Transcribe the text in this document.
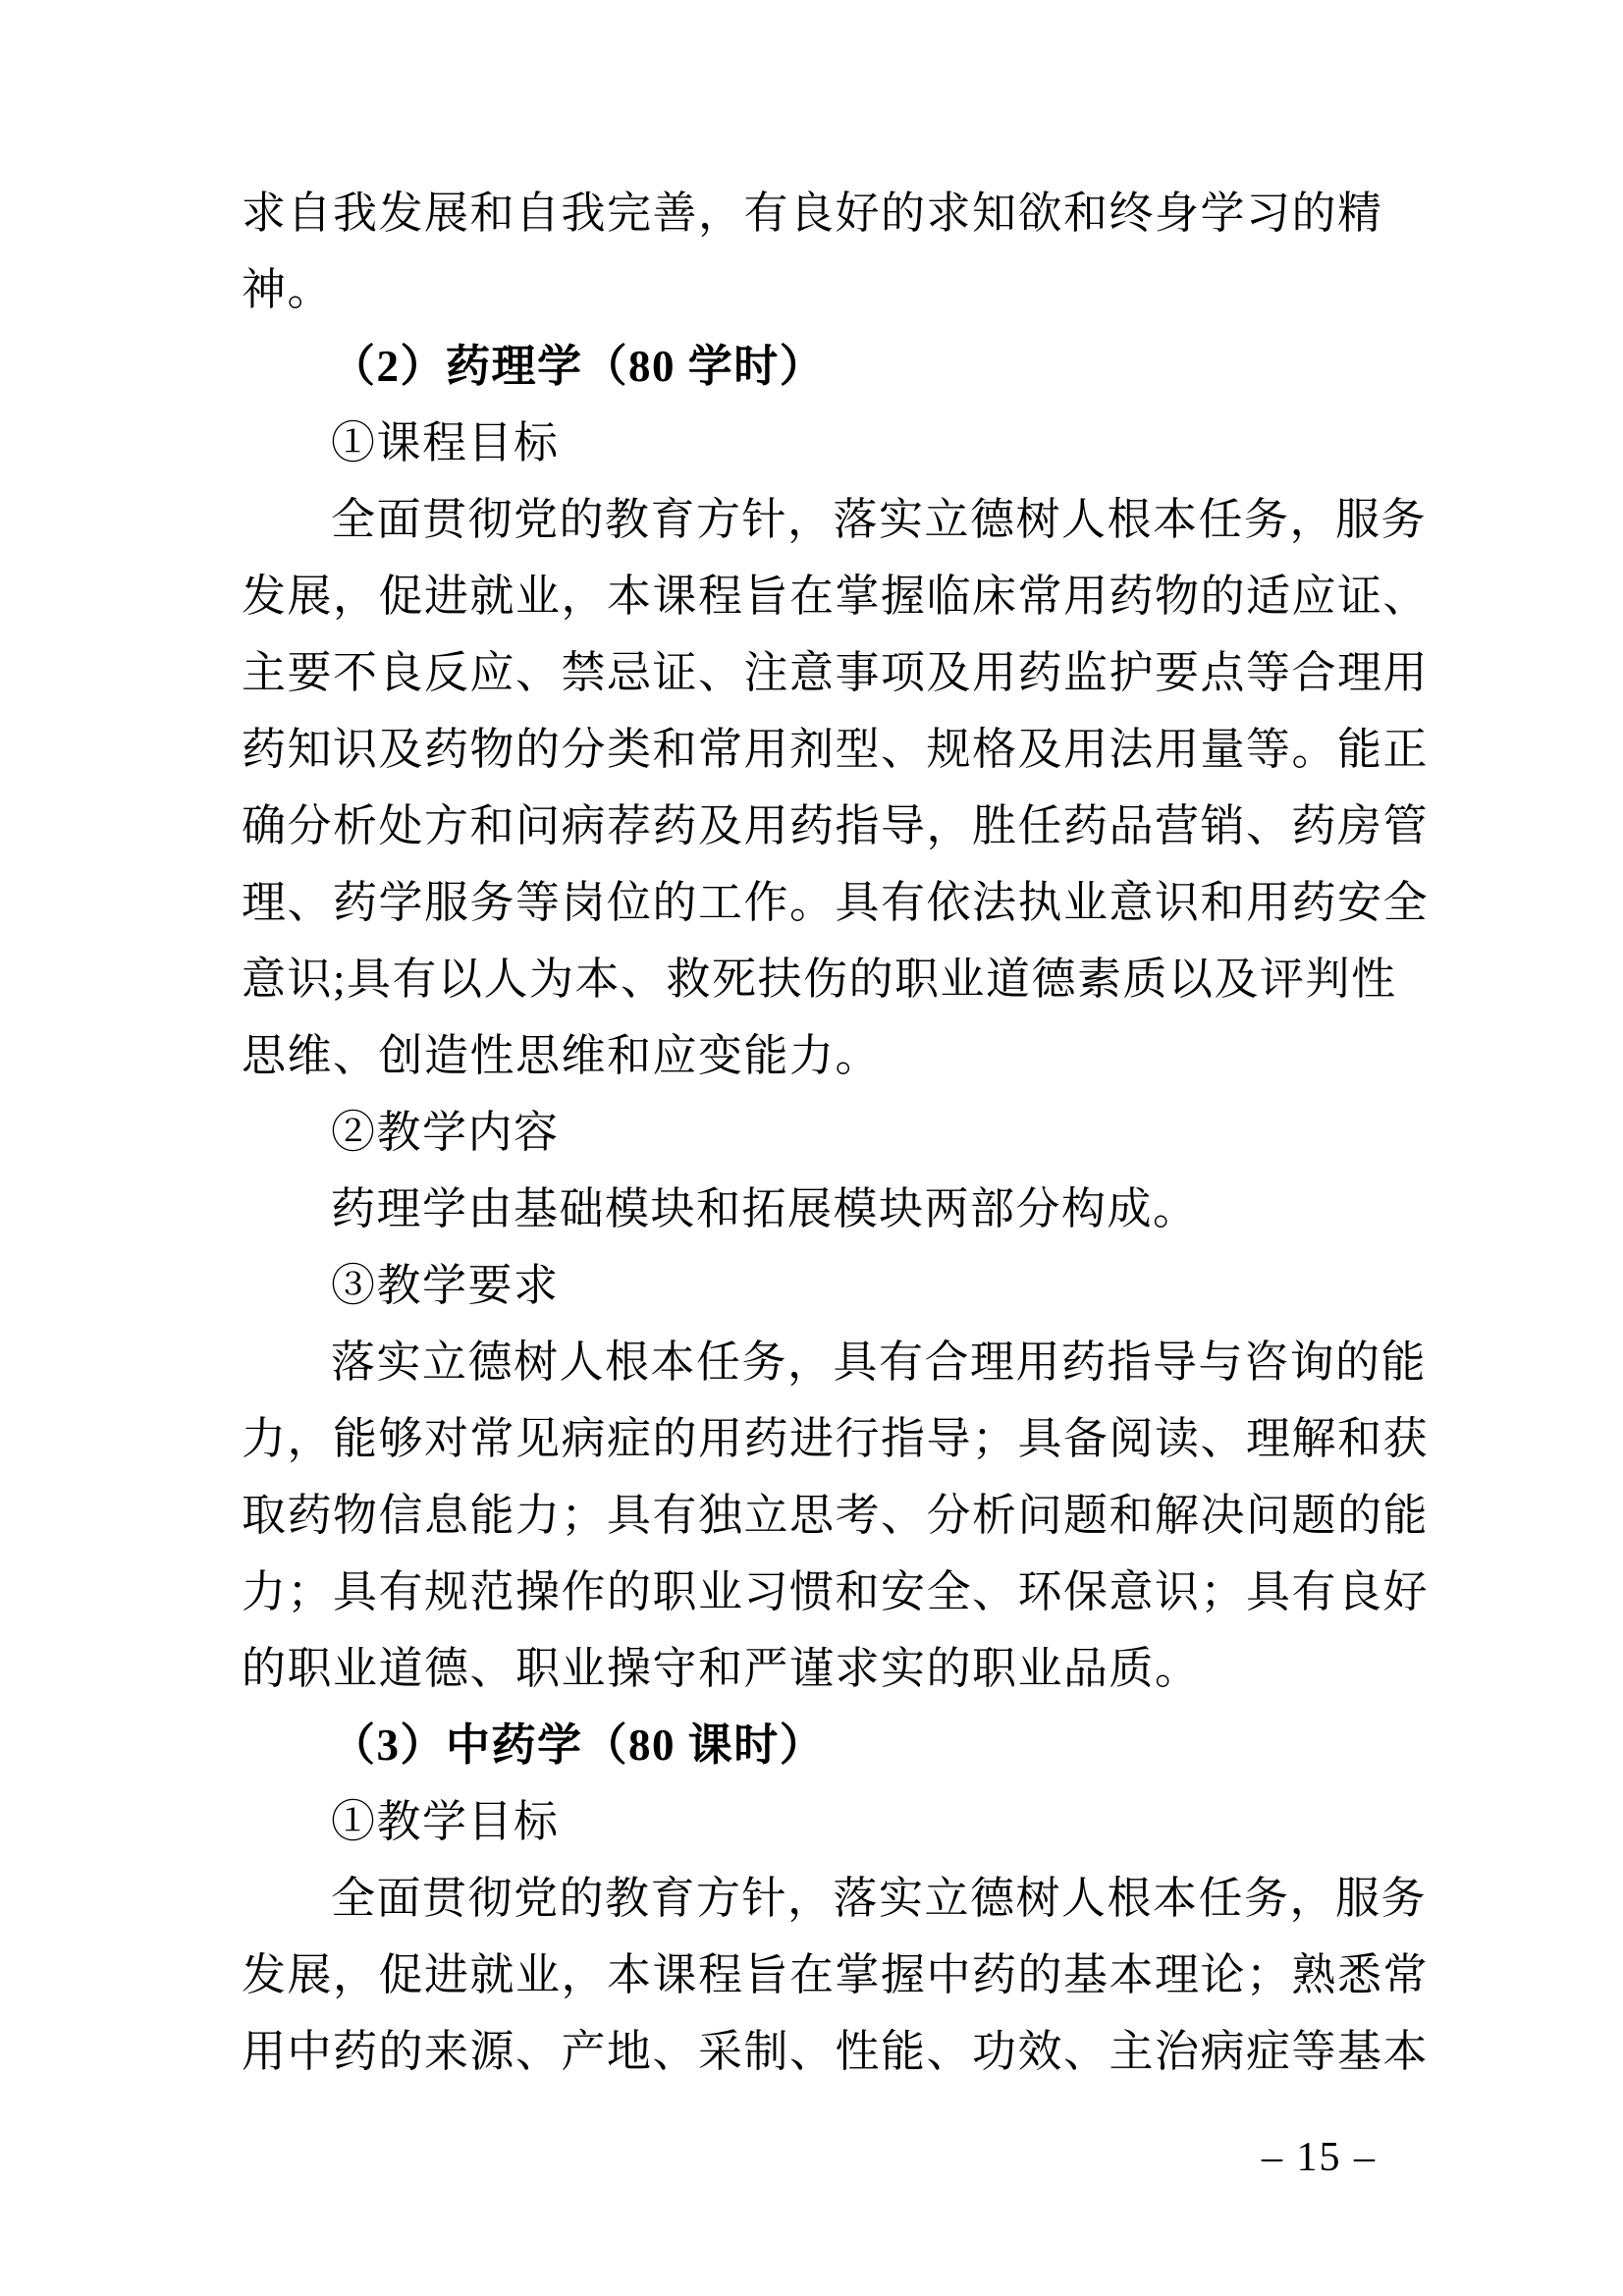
求自我发展和自我完善，有良好的求知欲和终身学习的精
神。
（2）药理学（80 学时）
①课程目标
全面贯彻党的教育方针，落实立德树人根本任务，服务
发展，促进就业，本课程旨在掌握临床常用药物的适应证、
主要不良反应、禁忌证、注意事项及用药监护要点等合理用
药知识及药物的分类和常用剂型、规格及用法用量等。能正
确分析处方和问病荐药及用药指导，胜任药品营销、药房管
理、药学服务等岗位的工作。具有依法执业意识和用药安全
意识;具有以人为本、救死扶伤的职业道德素质以及评判性
思维、创造性思维和应变能力。
②教学内容
药理学由基础模块和拓展模块两部分构成。
③教学要求
落实立德树人根本任务，具有合理用药指导与咨询的能
力，能够对常见病症的用药进行指导；具备阅读、理解和获
取药物信息能力；具有独立思考、分析问题和解决问题的能
力；具有规范操作的职业习惯和安全、环保意识；具有良好
的职业道德、职业操守和严谨求实的职业品质。
（3）中药学（80 课时）
①教学目标
全面贯彻党的教育方针，落实立德树人根本任务，服务
发展，促进就业，本课程旨在掌握中药的基本理论；熟悉常
用中药的来源、产地、采制、性能、功效、主治病症等基本
– 15 –
